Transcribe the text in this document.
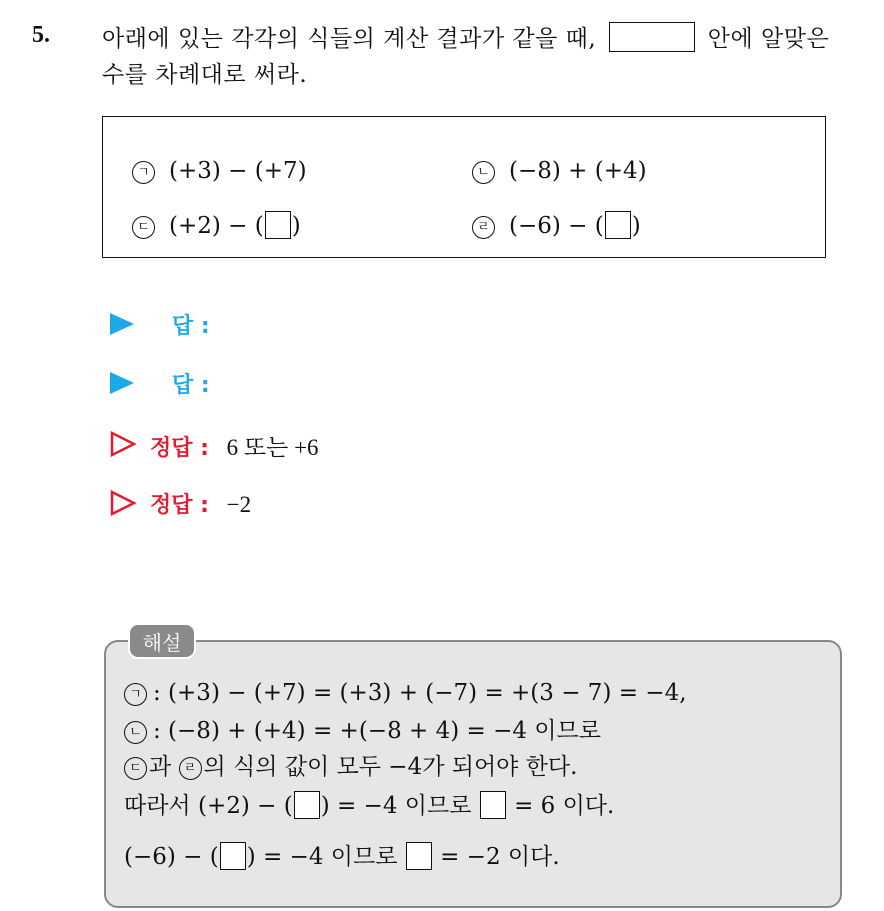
5. 아래에 있는 각각의 식들의 계산 결과가 같을 때,	안에 알맞은
수를 차례대로 써라.
ㄱ (+3) − (+7)	ㄴ (−8) + (+4)
ㄷ (+2) − ( )	ㄹ (−6) − ( )
답 :
답 :
정답 : 6 또는 +6
정답 : −2
해설
ㄱ : (+3) − (+7) = (+3) + (−7) = +(3 − 7) = −4,
ㄴ : (−8) + (+4) = +(−8 + 4) = −4 이므로
ㄷ 과 ㄹ 의 식의 값이 모두 −4가 되어야 한다.
따라서 (+2) − ( ) = −4 이므로 = 6 이다.
(−6) − ( ) = −4 이므로 = −2 이다.
